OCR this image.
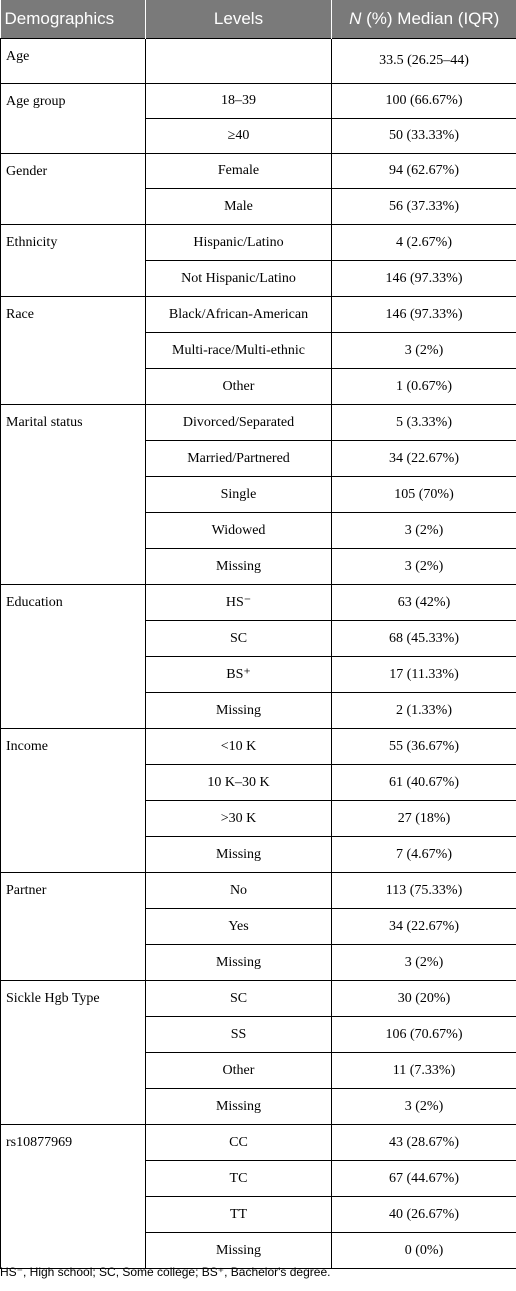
Demographics	Levels	N (%) Median (IQR)
Age		33.5 (26.25–44)
Age group	18–39	100 (66.67%)
	≥40	50 (33.33%)
Gender	Female	94 (62.67%)
	Male	56 (37.33%)
Ethnicity	Hispanic/Latino	4 (2.67%)
	Not Hispanic/Latino	146 (97.33%)
Race	Black/African-American	146 (97.33%)
	Multi-race/Multi-ethnic	3 (2%)
	Other	1 (0.67%)
Marital status	Divorced/Separated	5 (3.33%)
	Married/Partnered	34 (22.67%)
	Single	105 (70%)
	Widowed	3 (2%)
	Missing	3 (2%)
Education	HS⁻	63 (42%)
	SC	68 (45.33%)
	BS⁺	17 (11.33%)
	Missing	2 (1.33%)
Income	<10 K	55 (36.67%)
	10 K–30 K	61 (40.67%)
	>30 K	27 (18%)
	Missing	7 (4.67%)
Partner	No	113 (75.33%)
	Yes	34 (22.67%)
	Missing	3 (2%)
Sickle Hgb Type	SC	30 (20%)
	SS	106 (70.67%)
	Other	11 (7.33%)
	Missing	3 (2%)
rs10877969	CC	43 (28.67%)
	TC	67 (44.67%)
	TT	40 (26.67%)
	Missing	0 (0%)
HS⁻, High school; SC, Some college; BS⁺, Bachelor's degree.
